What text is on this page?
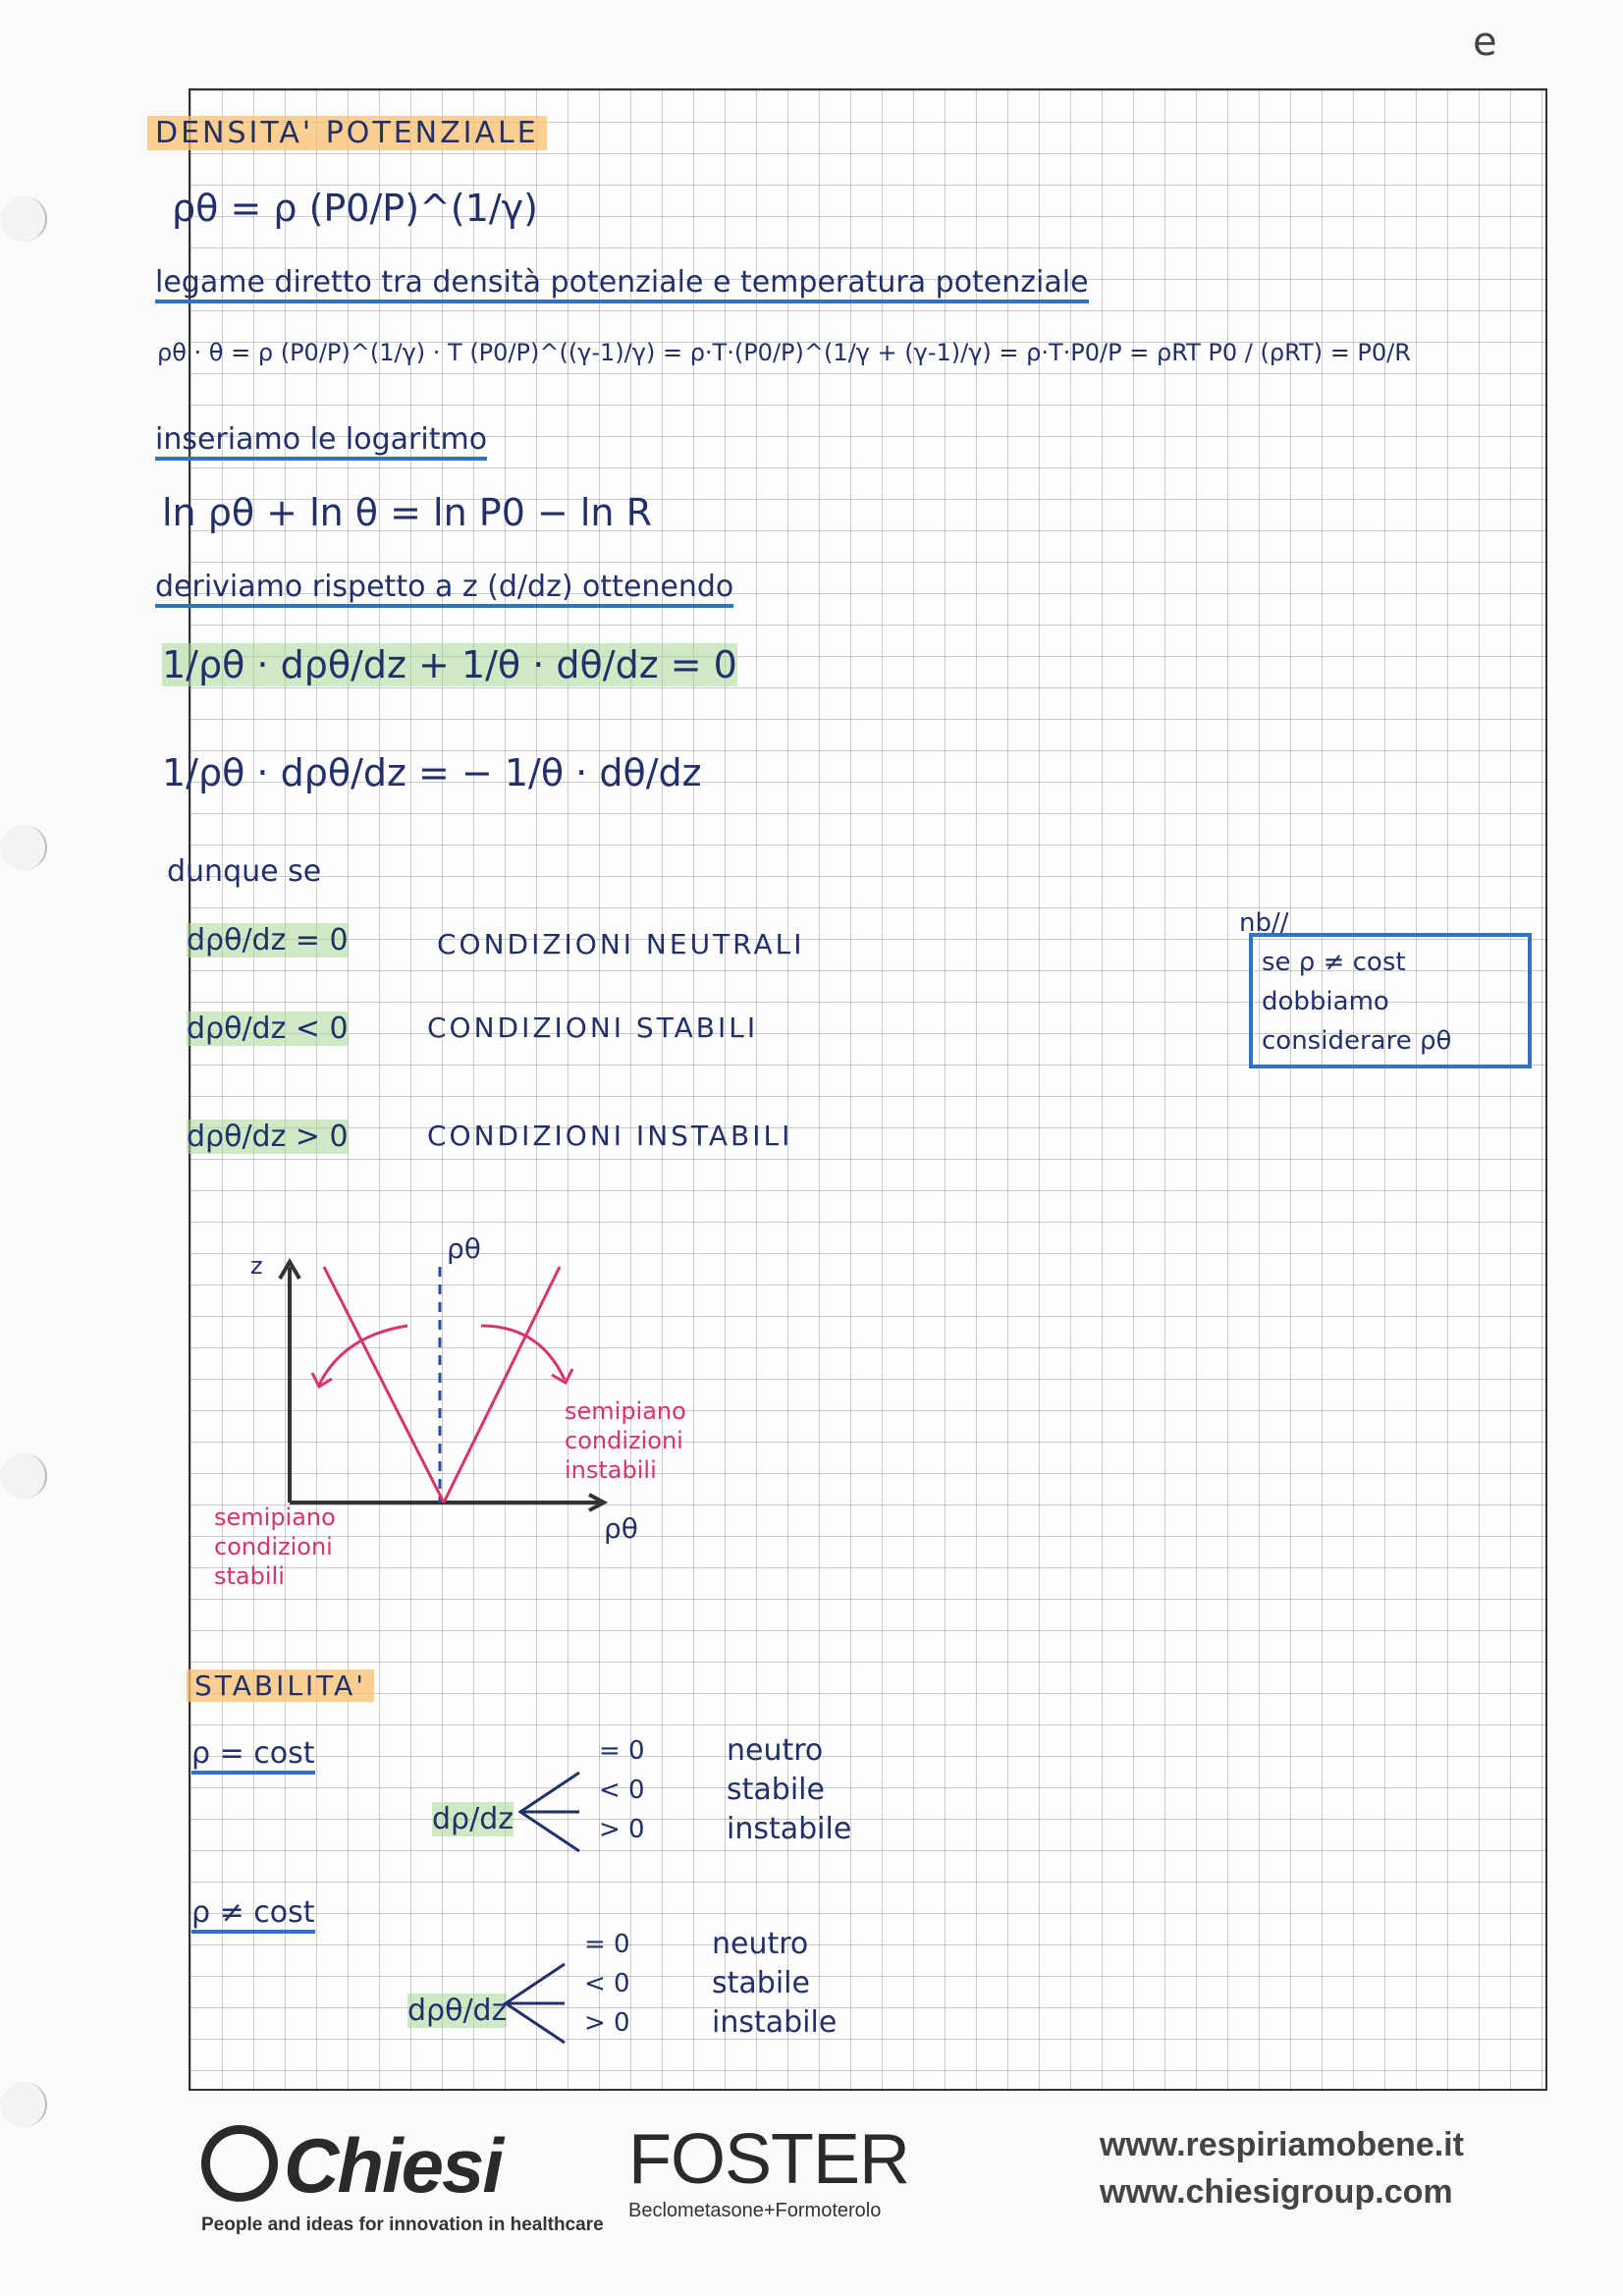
e
DENSITA' POTENZIALE
ρθ = ρ (P0/P)^(1/γ)
legame diretto tra densità potenziale e temperatura potenziale
ρθ · θ = ρ (P0/P)^(1/γ) · T (P0/P)^((γ-1)/γ) = ρ·T·(P0/P)^(1/γ + (γ-1)/γ) = ρ·T·P0/P = ρRT P0 / (ρRT) = P0/R
inseriamo le logaritmo
ln ρθ + ln θ = ln P0 − ln R
deriviamo rispetto a z (d/dz) ottenendo
1/ρθ · dρθ/dz + 1/θ · dθ/dz = 0
1/ρθ · dρθ/dz = − 1/θ · dθ/dz
dunque se
dρθ/dz = 0	CONDIZIONI NEUTRALI
dρθ/dz < 0	CONDIZIONI STABILI
dρθ/dz > 0	CONDIZIONI INSTABILI
nb//
se ρ ≠ cost
dobbiamo
considerare ρθ
z
ρθ
ρθ
semipiano
condizioni
instabili
semipiano
condizioni
stabili
STABILITA'
ρ = cost
dρ/dz
= 0	neutro
< 0	stabile
> 0	instabile
ρ ≠ cost
dρθ/dz
= 0	neutro
< 0	stabile
> 0	instabile
Chiesi
People and ideas for innovation in healthcare
FOSTER
Beclometasone+Formoterolo
www.respiriamobene.it
www.chiesigroup.com
